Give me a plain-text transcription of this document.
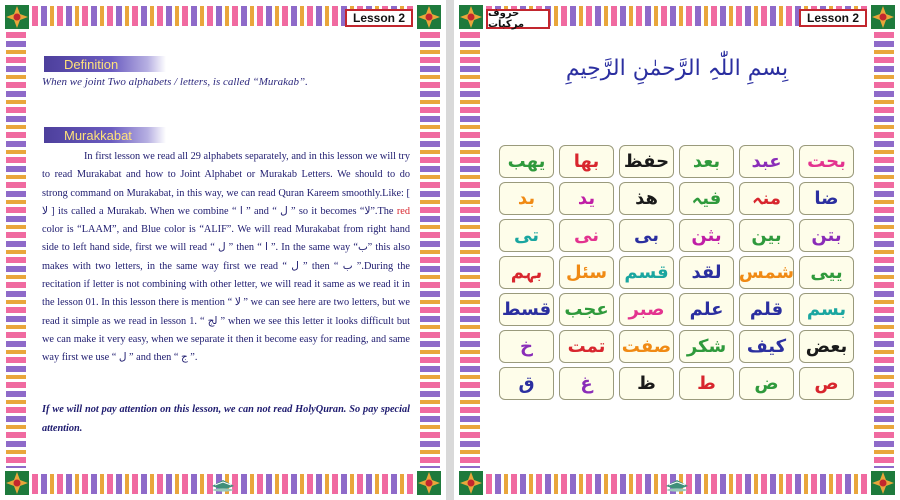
Lesson 2
Definition
When we joint Two alphabets / letters, is called “Murakab”.
Murakkabat
In first lesson we read all 29 alphabets separately, and in this lesson we will try to read Murakabat and how to Joint Alphabet or Murakab Letters. We should to do strong command on Murakabat, in this way, we can read Quran Kareem smoothly.Like: [ لا ] its called a Murakab. When we combine “ ا ” and “ ل ” so it becomes “لا”.The red color is “LAAM”, and Blue color is “ALIF”. We will read Murakabat from right hand side to left hand side, first we will read “ ل ” then “ ا ”. In the same way “ب” this also makes with two letters, in the same way first we read “ ل ” then “ ب ”.During the recitation if letter is not combining with other letter, we will read it same as we read it in the lesson 01. In this lesson there is mention “ لا ” we can see here are two letters, but we read it simple as we read in lesson 1. “ لج ” when we see this letter it looks difficult but we can make it very easy, when we separate it then it become easy for reading, and same way first we use “ ل ” and then “ ج ”.
If we will not pay attention on this lesson, we can not read HolyQuran. So pay special attention.
حروف مرکبات	Lesson 2
بِسمِ اللّٰہِ الرَّحمٰنِ الرَّحِیمِ
بحت
عبد
بعد
حفظ
بھا
یھب
ضا
منہ
فیہ
ھذ
ید
بد
بتن
بین
بثن
بی
نی
تی
ییی
شمس
لقد
قسم
سئل
بہم
بسم
قلم
علم
صبر
عجب
قسط
بعض
کیف
شکر
صفت
تمت
خ
ص
ض
ط
ظ
غ
ق
